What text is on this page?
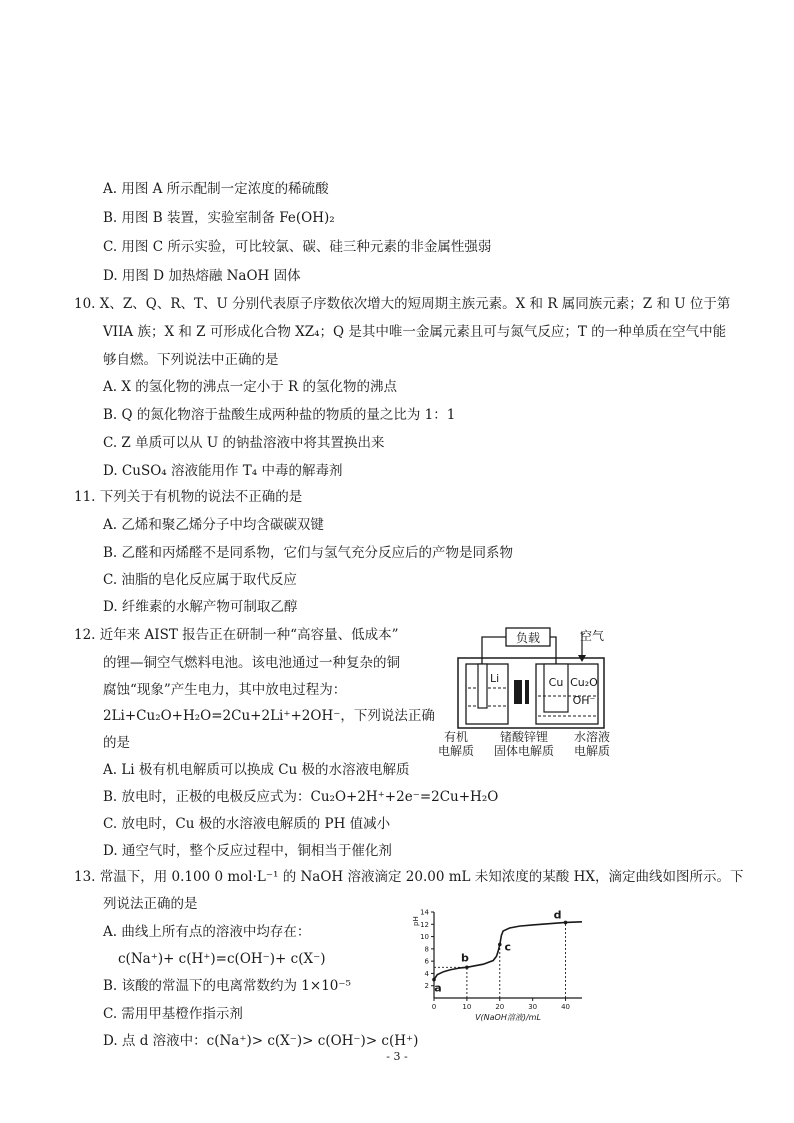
A. 用图 A 所示配制一定浓度的稀硫酸
B. 用图 B 装置，实验室制备 Fe(OH)₂
C. 用图 C 所示实验，可比较氯、碳、硅三种元素的非金属性强弱
D. 用图 D 加热熔融 NaOH 固体
10. X、Z、Q、R、T、U 分别代表原子序数依次增大的短周期主族元素。X 和 R 属同族元素；Z 和 U 位于第
VIIA 族；X 和 Z 可形成化合物 XZ₄；Q 是其中唯一金属元素且可与氮气反应；T 的一种单质在空气中能
够自燃。下列说法中正确的是
A. X 的氢化物的沸点一定小于 R 的氢化物的沸点
B. Q 的氮化物溶于盐酸生成两种盐的物质的量之比为 1：1
C. Z 单质可以从 U 的钠盐溶液中将其置换出来
D. CuSO₄ 溶液能用作 T₄ 中毒的解毒剂
11. 下列关于有机物的说法不正确的是
A. 乙烯和聚乙烯分子中均含碳碳双键
B. 乙醛和丙烯醛不是同系物，它们与氢气充分反应后的产物是同系物
C. 油脂的皂化反应属于取代反应
D. 纤维素的水解产物可制取乙醇
12. 近年来 AIST 报告正在研制一种“高容量、低成本”
的锂—铜空气燃料电池。该电池通过一种复杂的铜
腐蚀“现象”产生电力，其中放电过程为：
2Li+Cu₂O+H₂O=2Cu+2Li⁺+2OH⁻，下列说法正确
的是
A. Li 极有机电解质可以换成 Cu 极的水溶液电解质
B. 放电时，正极的电极反应式为：Cu₂O+2H⁺+2e⁻=2Cu+H₂O
C. 放电时，Cu 极的水溶液电解质的 PH 值减小
D. 通空气时，整个反应过程中，铜相当于催化剂
负载	空气
Li	Cu Cu₂O
OH⁻
有机
电解质
锗酸锌锂
固体电解质
水溶液
电解质
13. 常温下，用 0.100 0 mol·L⁻¹ 的 NaOH 溶液滴定 20.00 mL 未知浓度的某酸 HX，滴定曲线如图所示。下
列说法正确的是
A. 曲线上所有点的溶液中均存在：
c(Na⁺)+ c(H⁺)=c(OH⁻)+ c(X⁻)
B. 该酸的常温下的电离常数约为 1×10⁻⁵
C. 需用甲基橙作指示剂
D. 点 d 溶液中：c(Na⁺)> c(X⁻)> c(OH⁻)> c(H⁺)
pH
V(NaOH溶液)/mL
0	10	20	30	40
2
4
6
8
10
12
14
a
b
c
d
- 3 -
